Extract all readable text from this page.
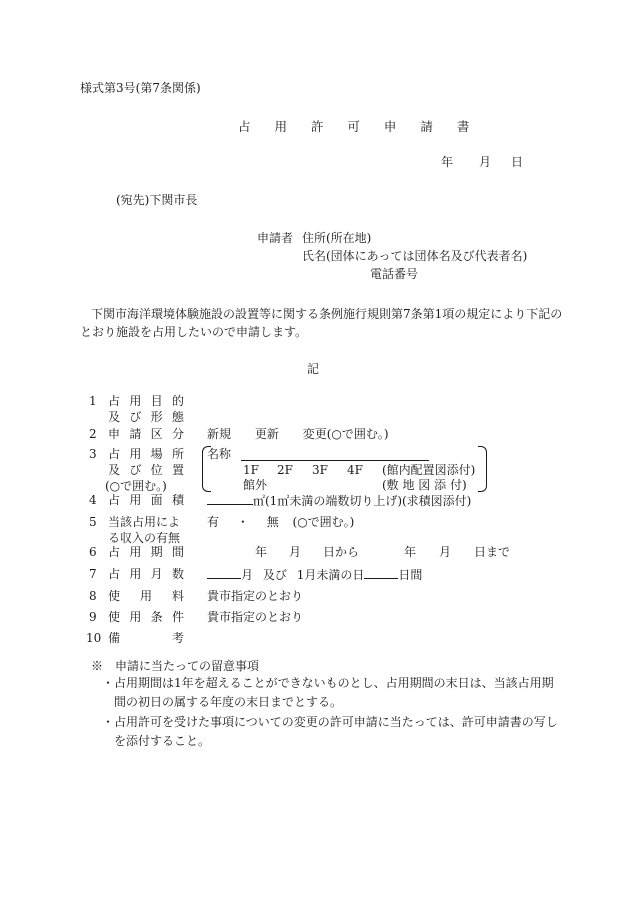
様式第3号(第7条関係)
占 用 許 可 申 請 書
年 月 日
(宛先)下関市長
申請者 住所(所在地)
氏名(団体にあっては団体名及び代表者名)
電話番号
下関市海洋環境体験施設の設置等に関する条例施行規則第7条第1項の規定により下記の
とおり施設を占用したいので申請します。
記
1 占用目的
及び形態
2 申請区分 新規 更新 変更(○で囲む。)
3 占用場所
及び位置
(○で囲む。)
名称
1F 2F 3F 4F (館内配置図添付)
館外	(敷 地 図 添 付)
4 占用面積	㎡(1㎡未満の端数切り上げ)(求積図添付)
5 当該占用によ
る収入の有無
有 ・ 無 (○で囲む。)
6 占用期間	年 月 日から	年 月 日まで
7 占用月数	月 及び 1月未満の日	日間
8 使用料 貴市指定のとおり
9 使用条件 貴市指定のとおり
10 備考
※　申請に当たっての留意事項
・占用期間は1年を超えることができないものとし、占用期間の末日は、当該占用期間の初日の属する年度の末日までとする。
・占用許可を受けた事項についての変更の許可申請に当たっては、許可申請書の写しを添付すること。
